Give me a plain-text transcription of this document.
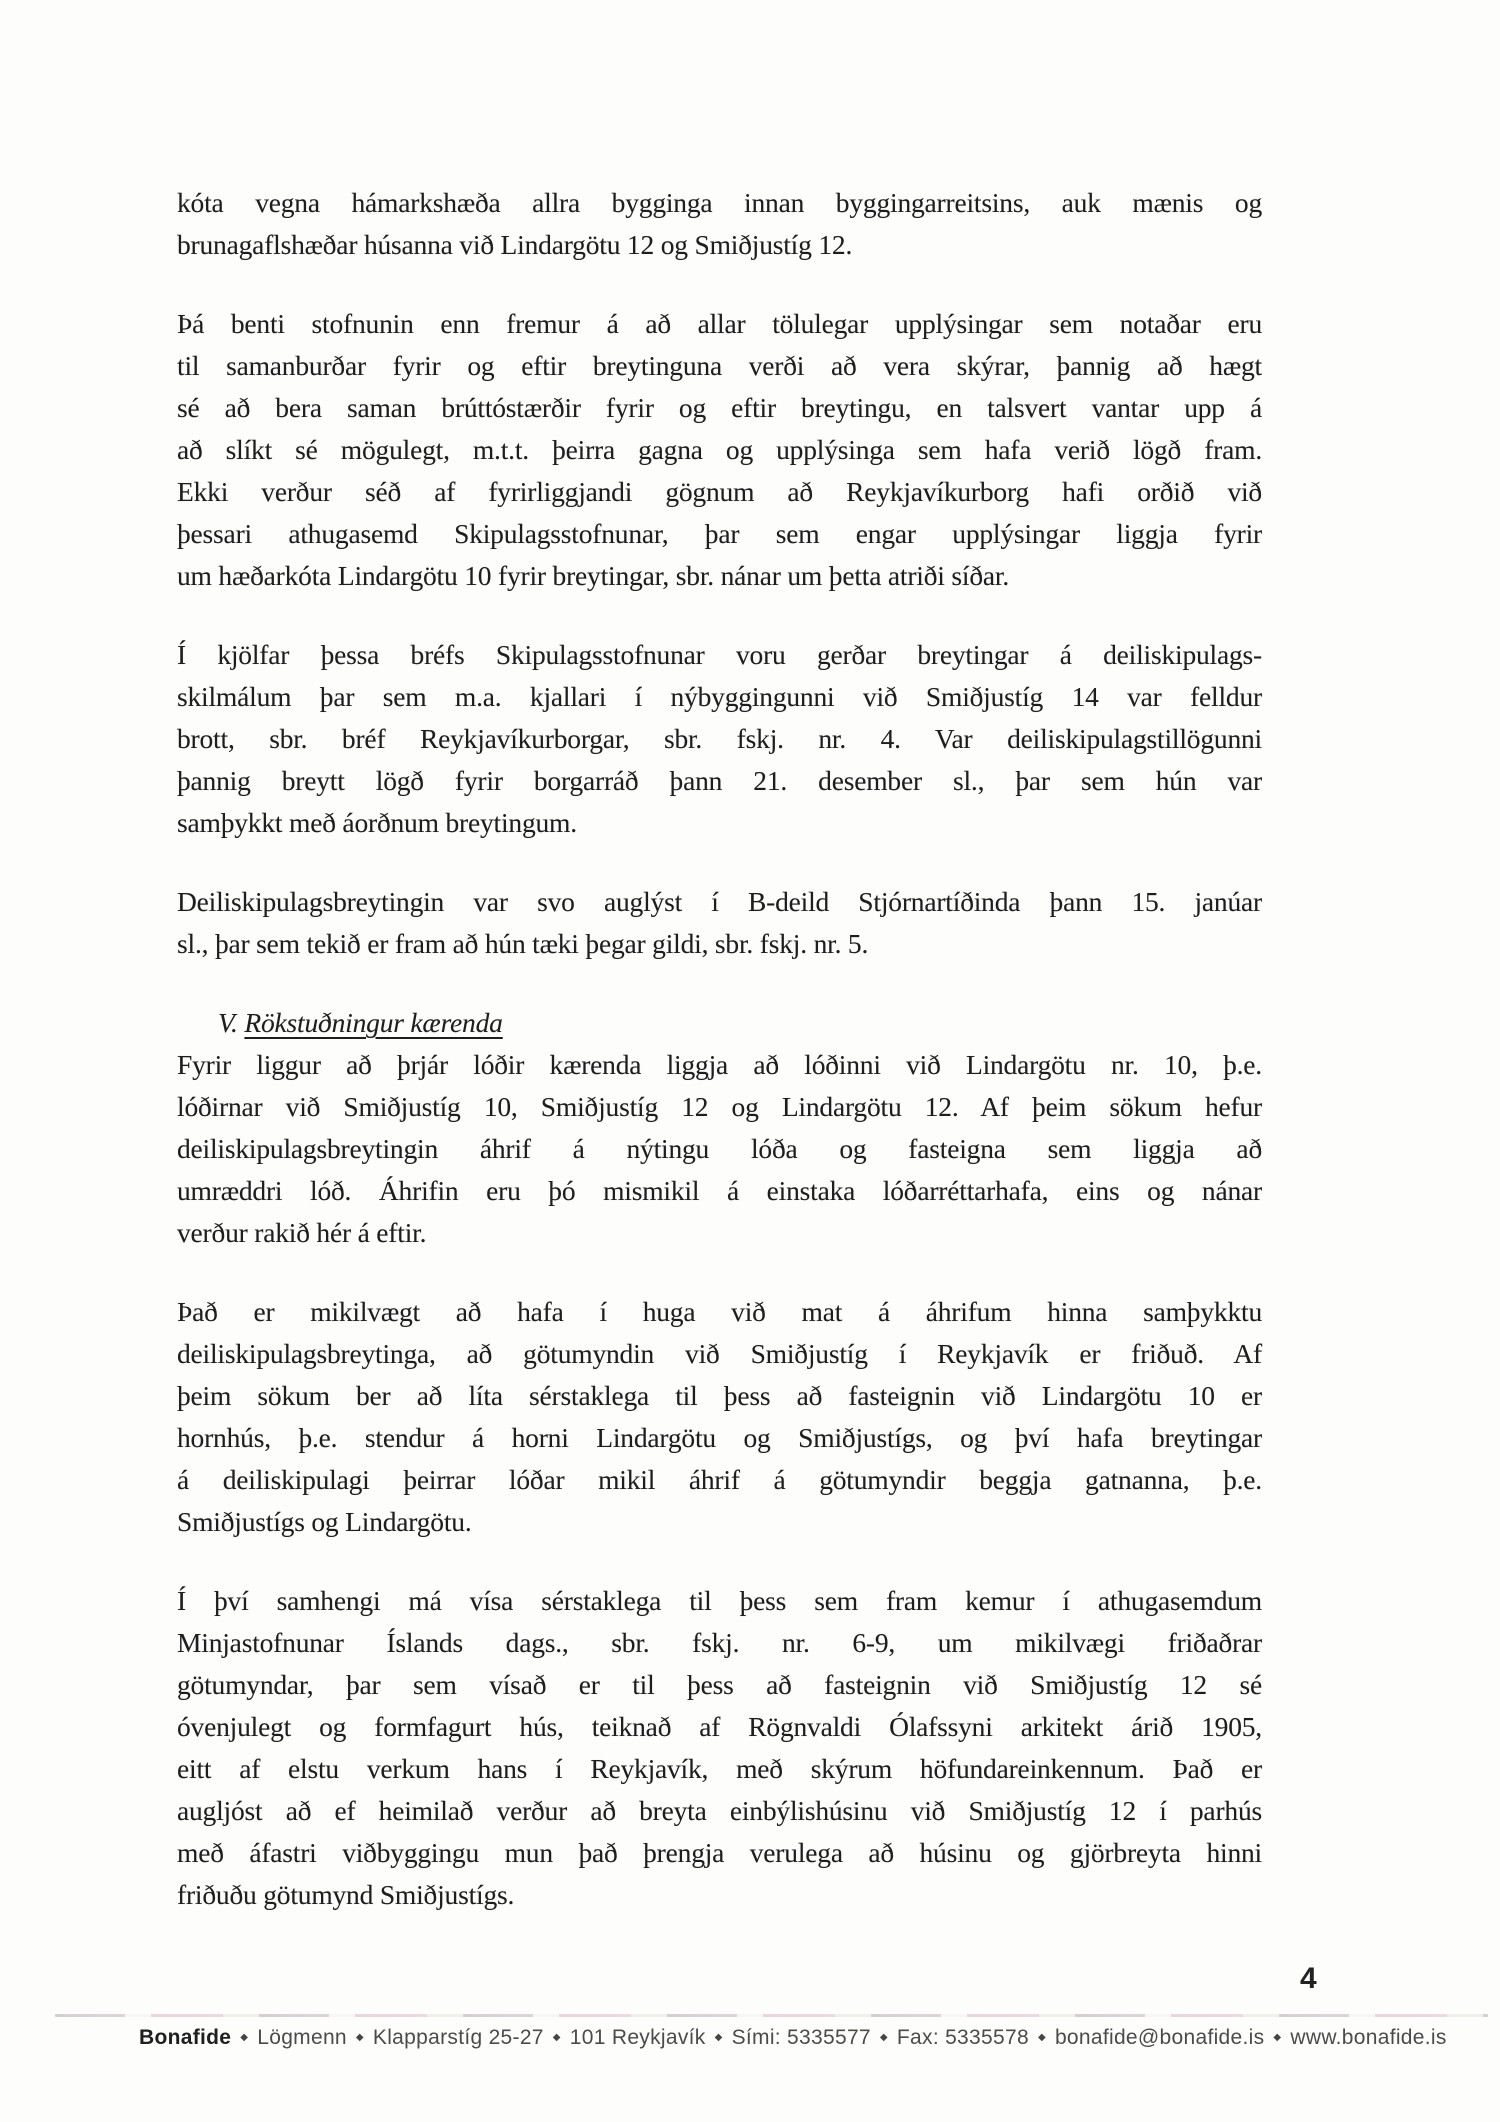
kóta vegna hámarkshæða allra bygginga innan byggingarreitsins, auk mænis og
brunagaflshæðar húsanna við Lindargötu 12 og Smiðjustíg 12.
Þá benti stofnunin enn fremur á að allar tölulegar upplýsingar sem notaðar eru
til samanburðar fyrir og eftir breytinguna verði að vera skýrar, þannig að hægt
sé að bera saman brúttóstærðir fyrir og eftir breytingu, en talsvert vantar upp á
að slíkt sé mögulegt, m.t.t. þeirra gagna og upplýsinga sem hafa verið lögð fram.
Ekki verður séð af fyrirliggjandi gögnum að Reykjavíkurborg hafi orðið við
þessari athugasemd Skipulagsstofnunar, þar sem engar upplýsingar liggja fyrir
um hæðarkóta Lindargötu 10 fyrir breytingar, sbr. nánar um þetta atriði síðar.
Í kjölfar þessa bréfs Skipulagsstofnunar voru gerðar breytingar á deiliskipulags-
skilmálum þar sem m.a. kjallari í nýbyggingunni við Smiðjustíg 14 var felldur
brott, sbr. bréf Reykjavíkurborgar, sbr. fskj. nr. 4. Var deiliskipulagstillögunni
þannig breytt lögð fyrir borgarráð þann 21. desember sl., þar sem hún var
samþykkt með áorðnum breytingum.
Deiliskipulagsbreytingin var svo auglýst í B-deild Stjórnartíðinda þann 15. janúar
sl., þar sem tekið er fram að hún tæki þegar gildi, sbr. fskj. nr. 5.
V. Rökstuðningur kærenda
Fyrir liggur að þrjár lóðir kærenda liggja að lóðinni við Lindargötu nr. 10, þ.e.
lóðirnar við Smiðjustíg 10, Smiðjustíg 12 og Lindargötu 12. Af þeim sökum hefur
deiliskipulagsbreytingin áhrif á nýtingu lóða og fasteigna sem liggja að
umræddri lóð. Áhrifin eru þó mismikil á einstaka lóðarréttarhafa, eins og nánar
verður rakið hér á eftir.
Það er mikilvægt að hafa í huga við mat á áhrifum hinna samþykktu
deiliskipulagsbreytinga, að götumyndin við Smiðjustíg í Reykjavík er friðuð. Af
þeim sökum ber að líta sérstaklega til þess að fasteignin við Lindargötu 10 er
hornhús, þ.e. stendur á horni Lindargötu og Smiðjustígs, og því hafa breytingar
á deiliskipulagi þeirrar lóðar mikil áhrif á götumyndir beggja gatnanna, þ.e.
Smiðjustígs og Lindargötu.
Í því samhengi má vísa sérstaklega til þess sem fram kemur í athugasemdum
Minjastofnunar Íslands dags., sbr. fskj. nr. 6-9, um mikilvægi friðaðrar
götumyndar, þar sem vísað er til þess að fasteignin við Smiðjustíg 12 sé
óvenjulegt og formfagurt hús, teiknað af Rögnvaldi Ólafssyni arkitekt árið 1905,
eitt af elstu verkum hans í Reykjavík, með skýrum höfundareinkennum. Það er
augljóst að ef heimilað verður að breyta einbýlishúsinu við Smiðjustíg 12 í parhús
með áfastri viðbyggingu mun það þrengja verulega að húsinu og gjörbreyta hinni
friðuðu götumynd Smiðjustígs.
4
Bonafide ◆ Lögmenn ◆ Klapparstíg 25-27 ◆ 101 Reykjavík ◆ Sími: 5335577 ◆ Fax: 5335578 ◆ bonafide@bonafide.is ◆ www.bonafide.is
